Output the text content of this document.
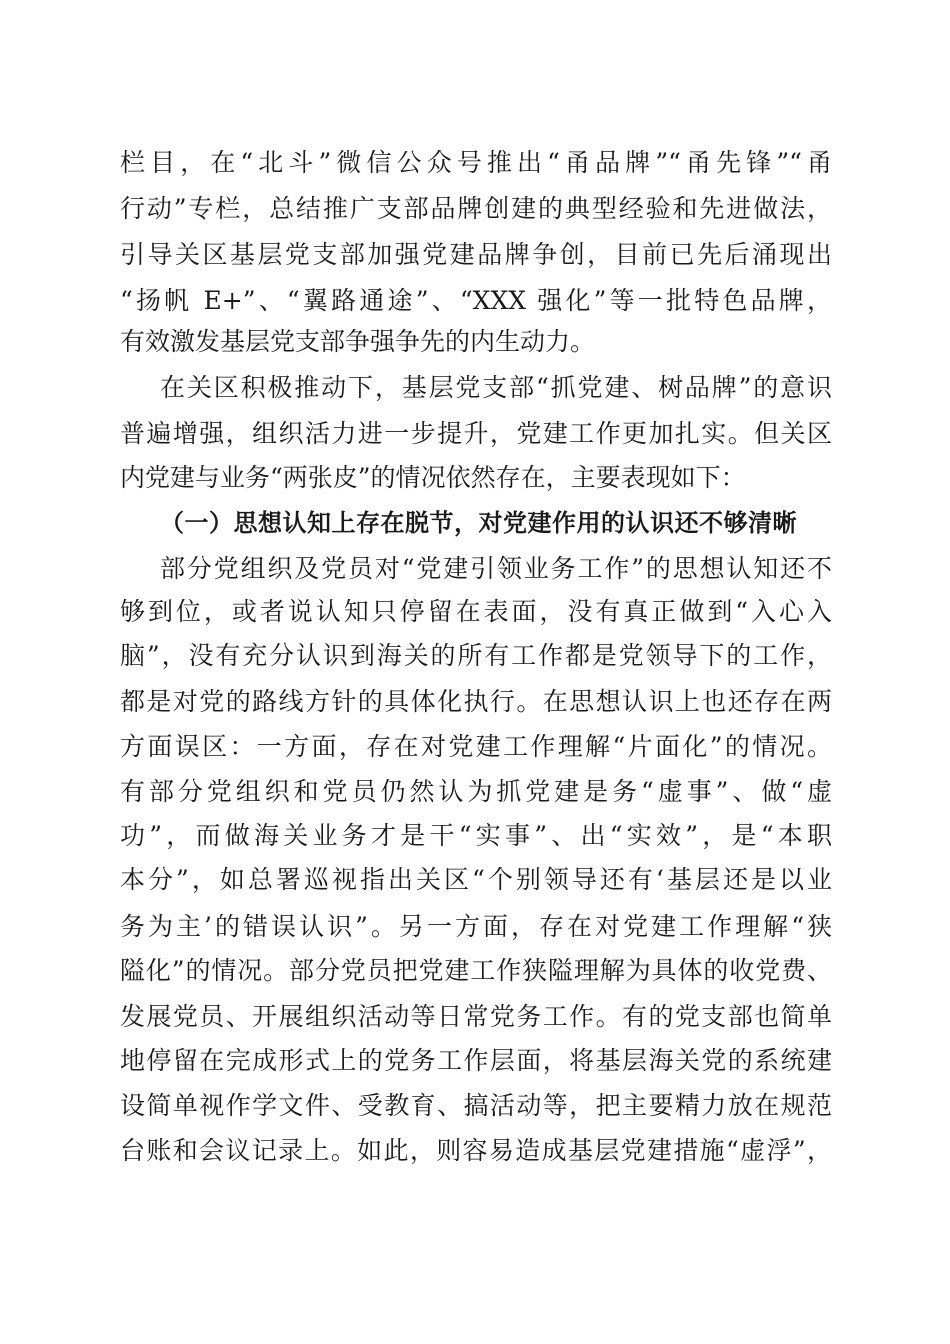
栏目，在“北斗”微信公众号推出“甬品牌”“甬先锋”“甬
行动”专栏，总结推广支部品牌创建的典型经验和先进做法，
引导关区基层党支部加强党建品牌争创，目前已先后涌现出
“扬帆 E+”、“翼路通途”、“XXX 强化”等一批特色品牌，
有效激发基层党支部争强争先的内生动力。
在关区积极推动下，基层党支部“抓党建、树品牌”的意识
普遍增强，组织活力进一步提升，党建工作更加扎实。但关区
内党建与业务“两张皮”的情况依然存在，主要表现如下：
（一）思想认知上存在脱节，对党建作用的认识还不够清晰
部分党组织及党员对“党建引领业务工作”的思想认知还不
够到位，或者说认知只停留在表面，没有真正做到“入心入
脑”，没有充分认识到海关的所有工作都是党领导下的工作，
都是对党的路线方针的具体化执行。在思想认识上也还存在两
方面误区：一方面，存在对党建工作理解“片面化”的情况。
有部分党组织和党员仍然认为抓党建是务“虚事”、做“虚
功”，而做海关业务才是干“实事”、出“实效”，是“本职
本分”，如总署巡视指出关区“个别领导还有‘基层还是以业
务为主’的错误认识”。另一方面，存在对党建工作理解“狭
隘化”的情况。部分党员把党建工作狭隘理解为具体的收党费、
发展党员、开展组织活动等日常党务工作。有的党支部也简单
地停留在完成形式上的党务工作层面，将基层海关党的系统建
设简单视作学文件、受教育、搞活动等，把主要精力放在规范
台账和会议记录上。如此，则容易造成基层党建措施“虚浮”，
